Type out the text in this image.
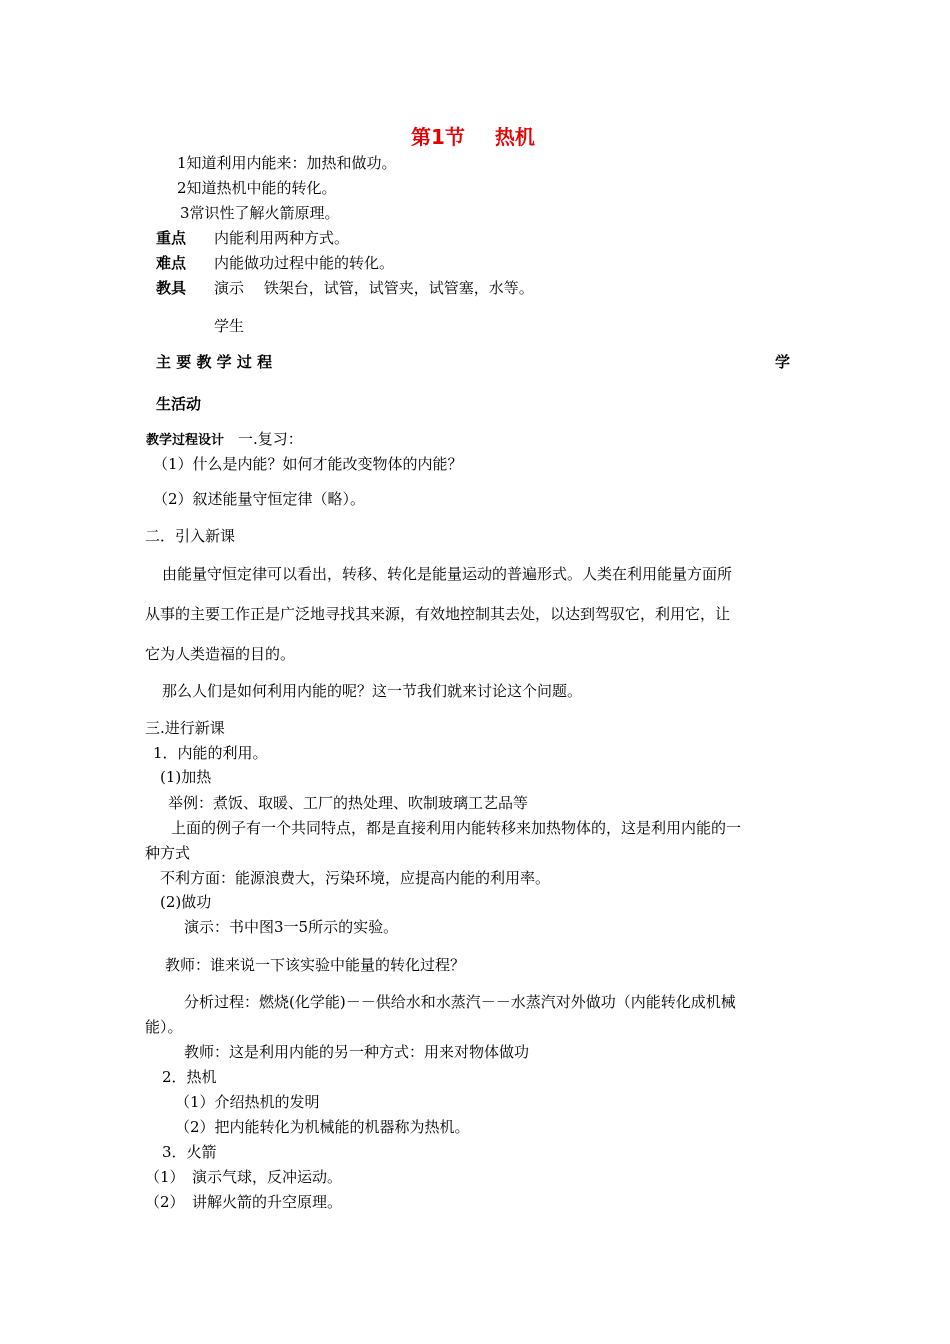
第1节 热机
1知道利用内能来：加热和做功。
2知道热机中能的转化。
3常识性了解火箭原理。
重点 内能利用两种方式。
难点 内能做功过程中能的转化。
教具 演示　 铁架台，试管，试管夹，试管塞，水等。
学生
主 要 教 学 过 程	学
生活动
教学过程设计 一.复习：
（1）什么是内能？如何才能改变物体的内能？
（2）叙述能量守恒定律（略）。
二．引入新课
由能量守恒定律可以看出，转移、转化是能量运动的普遍形式。人类在利用能量方面所
从事的主要工作正是广泛地寻找其来源，有效地控制其去处，以达到驾驭它，利用它，让
它为人类造福的目的。
那么人们是如何利用内能的呢？这一节我们就来讨论这个问题。
三.进行新课
1．内能的利用。
(1)加热
举例：煮饭、取暖、工厂的热处理、吹制玻璃工艺品等
上面的例子有一个共同特点，都是直接利用内能转移来加热物体的，这是利用内能的一
种方式
不利方面：能源浪费大，污染环境，应提高内能的利用率。
(2)做功
演示：书中图3一5所示的实验。
教师：谁来说一下该实验中能量的转化过程？
分析过程：燃烧(化学能)－－供给水和水蒸汽－－水蒸汽对外做功（内能转化成机械
能）。
教师：这是利用内能的另一种方式：用来对物体做功
2．热机
（1）介绍热机的发明
（2）把内能转化为机械能的机器称为热机。
3．火箭
（1）　演示气球，反冲运动。
（2）　讲解火箭的升空原理。
